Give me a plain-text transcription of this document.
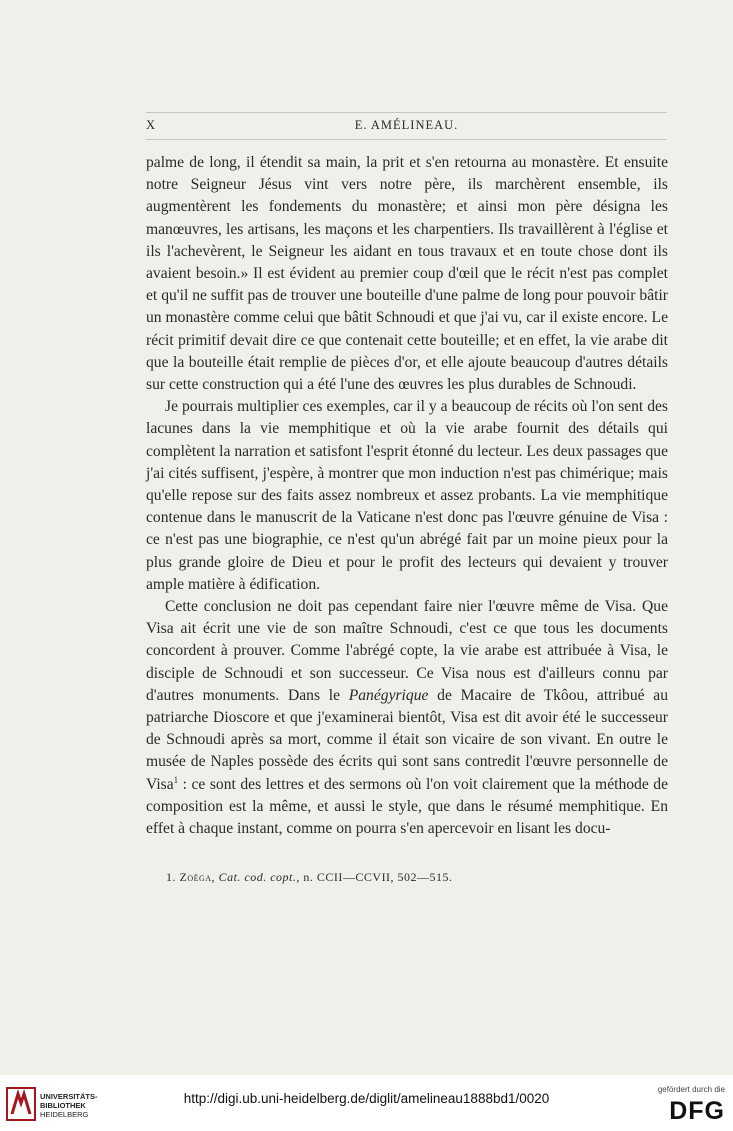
X	E. AMÉLINEAU.

palme de long, il étendit sa main, la prit et s'en retourna au monastère. Et ensuite notre Seigneur Jésus vint vers notre père, ils marchèrent ensemble, ils augmentèrent les fondements du monastère; et ainsi mon père désigna les manœuvres, les artisans, les maçons et les charpentiers. Ils travaillèrent à l'église et ils l'achevèrent, le Seigneur les aidant en tous travaux et en toute chose dont ils avaient besoin.» Il est évident au premier coup d'œil que le récit n'est pas complet et qu'il ne suffit pas de trouver une bouteille d'une palme de long pour pouvoir bâtir un monastère comme celui que bâtit Schnoudi et que j'ai vu, car il existe encore. Le récit primitif devait dire ce que contenait cette bouteille; et en effet, la vie arabe dit que la bouteille était remplie de pièces d'or, et elle ajoute beaucoup d'autres détails sur cette construction qui a été l'une des œuvres les plus durables de Schnoudi.

Je pourrais multiplier ces exemples, car il y a beaucoup de récits où l'on sent des lacunes dans la vie memphitique et où la vie arabe fournit des détails qui complètent la narration et satisfont l'esprit étonné du lecteur. Les deux passages que j'ai cités suffisent, j'espère, à montrer que mon induction n'est pas chimérique; mais qu'elle repose sur des faits assez nombreux et assez probants. La vie memphitique contenue dans le manuscrit de la Vaticane n'est donc pas l'œuvre génuine de Visa : ce n'est pas une biographie, ce n'est qu'un abrégé fait par un moine pieux pour la plus grande gloire de Dieu et pour le profit des lecteurs qui devaient y trouver ample matière à édification.

Cette conclusion ne doit pas cependant faire nier l'œuvre même de Visa. Que Visa ait écrit une vie de son maître Schnoudi, c'est ce que tous les documents concordent à prouver. Comme l'abrégé copte, la vie arabe est attribuée à Visa, le disciple de Schnoudi et son successeur. Ce Visa nous est d'ailleurs connu par d'autres monuments. Dans le Panégyrique de Macaire de Tkôou, attribué au patriarche Dioscore et que j'examinerai bientôt, Visa est dit avoir été le successeur de Schnoudi après sa mort, comme il était son vicaire de son vivant. En outre le musée de Naples possède des écrits qui sont sans contredit l'œuvre personnelle de Visa$^1$ : ce sont des lettres et des sermons où l'on voit clairement que la méthode de composition est la même, et aussi le style, que dans le résumé memphitique. En effet à chaque instant, comme on pourra s'en apercevoir en lisant les docu-

1. Zoëga, Cat. cod. copt., n. CCII—CCVII, 502—515.
UNIVERSITÄTS-
BIBLIOTHEK
HEIDELBERG
http://digi.ub.uni-heidelberg.de/diglit/amelineau1888bd1/0020
gefördert durch die
DFG
